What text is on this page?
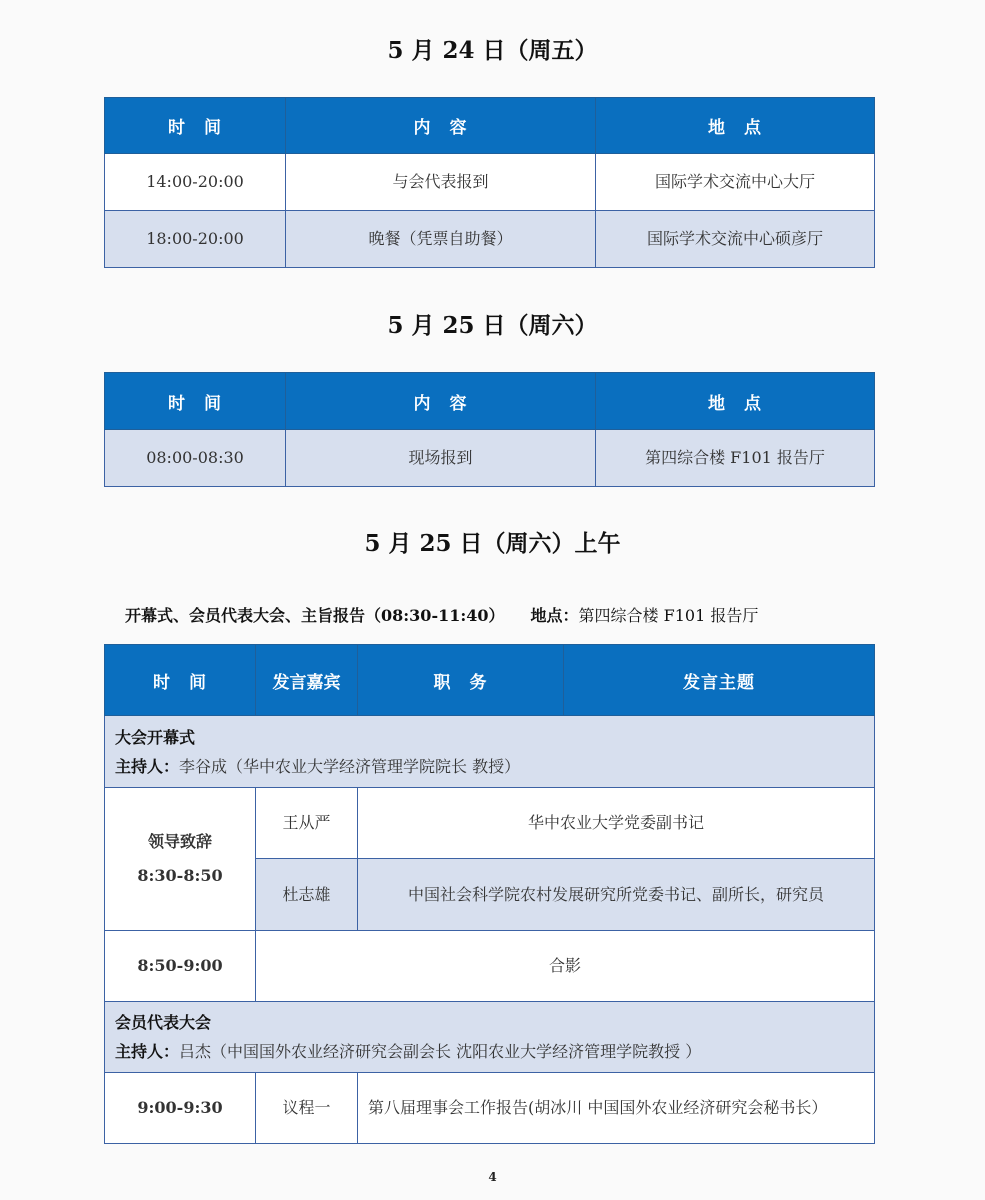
5 月 24 日（周五）
时　间	内　容	地　点
14:00-20:00	与会代表报到	国际学术交流中心大厅
18:00-20:00	晚餐（凭票自助餐）	国际学术交流中心硕彦厅
5 月 25 日（周六）
时　间	内　容	地　点
08:00-08:30	现场报到	第四综合楼 F101 报告厅
5 月 25 日（周六）上午
开幕式、会员代表大会、主旨报告（08:30-11:40） 地点：第四综合楼 F101 报告厅
时　间	发言嘉宾	职　务	发言主题

大会开幕式
主持人：李谷成（华中农业大学经济管理学院院长 教授）			

领导致辞
8:30-8:50	王从严	华中农业大学党委副书记	
	杜志雄	中国社会科学院农村发展研究所党委书记、副所长，研究员	
8:50-9:00	合影		

会员代表大会
主持人：吕杰（中国国外农业经济研究会副会长 沈阳农业大学经济管理学院教授 ）			

9:00-9:30	议程一	第八届理事会工作报告(胡冰川 中国国外农业经济研究会秘书长）	
4
